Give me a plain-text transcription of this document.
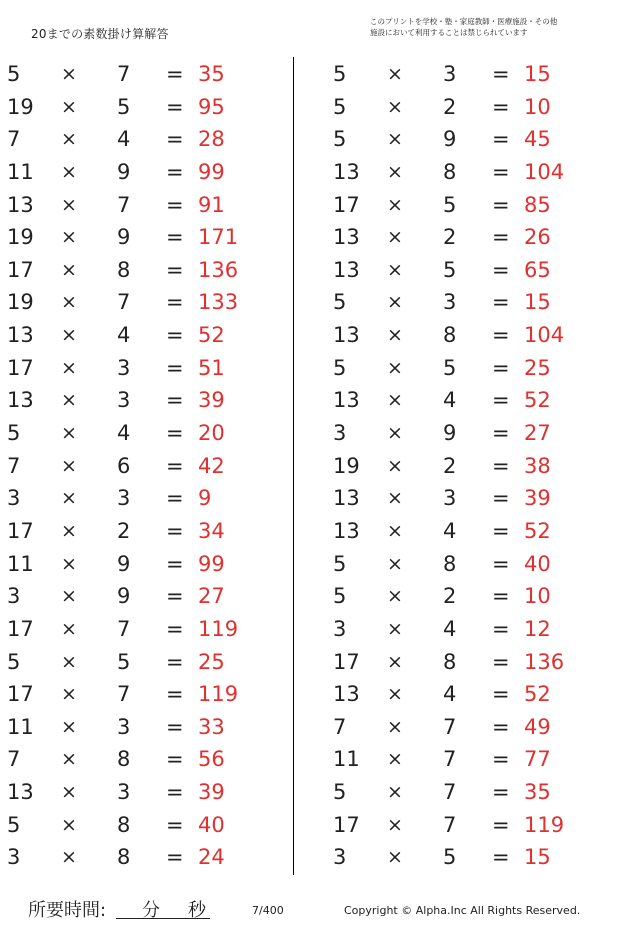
20までの素数掛け算解答
このプリントを学校・塾・家庭教師・医療施設・その他
施設において利用することは禁じられています
5	× 7	= 35
19	× 5	= 95
7	× 4	= 28
11	× 9	= 99
13	× 7	= 91
19	× 9	= 171
17	× 8	= 136
19	× 7	= 133
13	× 4	= 52
17	× 3	= 51
13	× 3	= 39
5	× 4	= 20
7	× 6	= 42
3	× 3	= 9
17	× 2	= 34
11	× 9	= 99
3	× 9	= 27
17	× 7	= 119
5	× 5	= 25
17	× 7	= 119
11	× 3	= 33
7	× 8	= 56
13	× 3	= 39
5	× 8	= 40
3	× 8	= 24
5	× 3	= 15
5	× 2	= 10
5	× 9	= 45
13	× 8	= 104
17	× 5	= 85
13	× 2	= 26
13	× 5	= 65
5	× 3	= 15
13	× 8	= 104
5	× 5	= 25
13	× 4	= 52
3	× 9	= 27
19	× 2	= 38
13	× 3	= 39
13	× 4	= 52
5	× 8	= 40
5	× 2	= 10
3	× 4	= 12
17	× 8	= 136
13	× 4	= 52
7	× 7	= 49
11	× 7	= 77
5	× 7	= 35
17	× 7	= 119
3	× 5	= 15
所要時間: 分 秒	7/400	Copyright © Alpha.Inc All Rights Reserved.
